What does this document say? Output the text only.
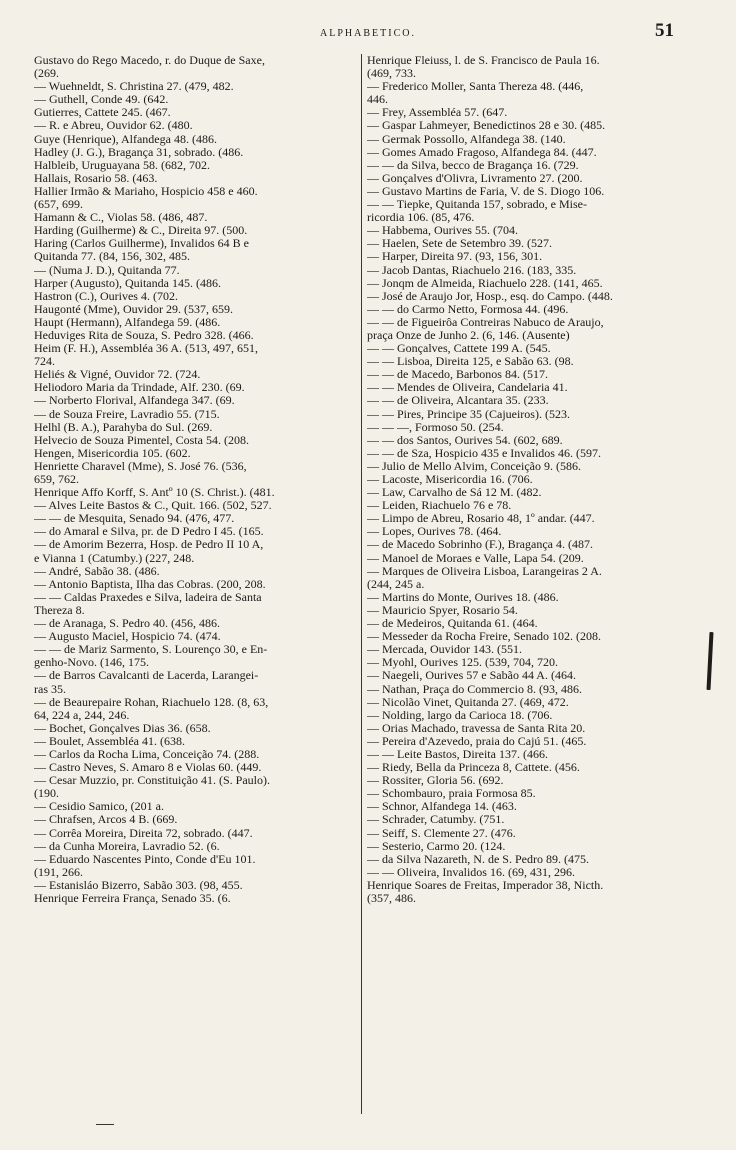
ALPHABETICO.	51
Gustavo do Rego Macedo, r. do Duque de Saxe,
(269.
— Wuehneldt, S. Christina 27. (479, 482.
— Guthell, Conde 49. (642.
Gutierres, Cattete 245. (467.
— R. e Abreu, Ouvidor 62. (480.
Guye (Henrique), Alfandega 48. (486.
Hadley (J. G.), Bragança 31, sobrado. (486.
Halbleib, Uruguayana 58. (682, 702.
Hallais, Rosario 58. (463.
Hallier Irmão & Mariaho, Hospicio 458 e 460.
(657, 699.
Hamann & C., Violas 58. (486, 487.
Harding (Guilherme) & C., Direita 97. (500.
Haring (Carlos Guilherme), Invalidos 64 B e
Quitanda 77. (84, 156, 302, 485.
— (Numa J. D.), Quitanda 77.
Harper (Augusto), Quitanda 145. (486.
Hastron (C.), Ourives 4. (702.
Haugonté (Mme), Ouvidor 29. (537, 659.
Haupt (Hermann), Alfandega 59. (486.
Heduviges Rita de Souza, S. Pedro 328. (466.
Heim (F. H.), Assembléa 36 A. (513, 497, 651,
724.
Heliés & Vigné, Ouvidor 72. (724.
Heliodoro Maria da Trindade, Alf. 230. (69.
— Norberto Florival, Alfandega 347. (69.
— de Souza Freire, Lavradio 55. (715.
Helhl (B. A.), Parahyba do Sul. (269.
Helvecio de Souza Pimentel, Costa 54. (208.
Hengen, Misericordia 105. (602.
Henriette Charavel (Mme), S. José 76. (536,
659, 762.
Henrique Affo Korff, S. Antº 10 (S. Christ.). (481.
— Alves Leite Bastos & C., Quit. 166. (502, 527.
— — de Mesquita, Senado 94. (476, 477.
— do Amaral e Silva, pr. de D Pedro I 45. (165.
— de Amorim Bezerra, Hosp. de Pedro II 10 A,
e Vianna 1 (Catumby.) (227, 248.
— André, Sabão 38. (486.
— Antonio Baptista, Ilha das Cobras. (200, 208.
— — Caldas Praxedes e Silva, ladeira de Santa
Thereza 8.
— de Aranaga, S. Pedro 40. (456, 486.
— Augusto Maciel, Hospicio 74. (474.
— — de Mariz Sarmento, S. Lourenço 30, e En-
genho-Novo. (146, 175.
— de Barros Cavalcanti de Lacerda, Larangei-
ras 35.
— de Beaurepaire Rohan, Riachuelo 128. (8, 63,
64, 224 a, 244, 246.
— Bochet, Gonçalves Dias 36. (658.
— Boulet, Assembléa 41. (638.
— Carlos da Rocha Lima, Conceição 74. (288.
— Castro Neves, S. Amaro 8 e Violas 60. (449.
— Cesar Muzzio, pr. Constituição 41. (S. Paulo).
(190.
— Cesidio Samico, (201 a.
— Chrafsen, Arcos 4 B. (669.
— Corrêa Moreira, Direita 72, sobrado. (447.
— da Cunha Moreira, Lavradio 52. (6.
— Eduardo Nascentes Pinto, Conde d'Eu 101.
(191, 266.
— Estanisláo Bizerro, Sabão 303. (98, 455.
Henrique Ferreira França, Senado 35. (6.
Henrique Fleiuss, l. de S. Francisco de Paula 16.
(469, 733.
— Frederico Moller, Santa Thereza 48. (446,
446.
— Frey, Assembléa 57. (647.
— Gaspar Lahmeyer, Benedictinos 28 e 30. (485.
— Germak Possollo, Alfandega 38. (140.
— Gomes Amado Fragoso, Alfandega 84. (447.
— — da Silva, becco de Bragança 16. (729.
— Gonçalves d'Olivra, Livramento 27. (200.
— Gustavo Martins de Faria, V. de S. Diogo 106.
— — Tiepke, Quitanda 157, sobrado, e Mise-
ricordia 106. (85, 476.
— Habbema, Ourives 55. (704.
— Haelen, Sete de Setembro 39. (527.
— Harper, Direita 97. (93, 156, 301.
— Jacob Dantas, Riachuelo 216. (183, 335.
— Jonqm de Almeida, Riachuelo 228. (141, 465.
— José de Araujo Jor, Hosp., esq. do Campo. (448.
— — do Carmo Netto, Formosa 44. (496.
— — de Figueirôa Contreiras Nabuco de Araujo,
praça Onze de Junho 2. (6, 146. (Ausente)
— — Gonçalves, Cattete 199 A. (545.
— — Lisboa, Direita 125, e Sabão 63. (98.
— — de Macedo, Barbonos 84. (517.
— — Mendes de Oliveira, Candelaria 41.
— — de Oliveira, Alcantara 35. (233.
— — Pires, Principe 35 (Cajueiros). (523.
— — —, Formoso 50. (254.
— — dos Santos, Ourives 54. (602, 689.
— — de Sza, Hospicio 435 e Invalidos 46. (597.
— Julio de Mello Alvim, Conceição 9. (586.
— Lacoste, Misericordia 16. (706.
— Law, Carvalho de Sá 12 M. (482.
— Leiden, Riachuelo 76 e 78.
— Limpo de Abreu, Rosario 48, 1º andar. (447.
— Lopes, Ourives 78. (464.
— de Macedo Sobrinho (F.), Bragança 4. (487.
— Manoel de Moraes e Valle, Lapa 54. (209.
— Marques de Oliveira Lisboa, Larangeiras 2 A.
(244, 245 a.
— Martins do Monte, Ourives 18. (486.
— Mauricio Spyer, Rosario 54.
— de Medeiros, Quitanda 61. (464.
— Messeder da Rocha Freire, Senado 102. (208.
— Mercada, Ouvidor 143. (551.
— Myohl, Ourives 125. (539, 704, 720.
— Naegeli, Ourives 57 e Sabão 44 A. (464.
— Nathan, Praça do Commercio 8. (93, 486.
— Nicolão Vinet, Quitanda 27. (469, 472.
— Nolding, largo da Carioca 18. (706.
— Orias Machado, travessa de Santa Rita 20.
— Pereira d'Azevedo, praia do Cajú 51. (465.
— — Leite Bastos, Direita 137. (466.
— Riedy, Bella da Princeza 8, Cattete. (456.
— Rossiter, Gloria 56. (692.
— Schombauro, praia Formosa 85.
— Schnor, Alfandega 14. (463.
— Schrader, Catumby. (751.
— Seiff, S. Clemente 27. (476.
— Sesterio, Carmo 20. (124.
— da Silva Nazareth, N. de S. Pedro 89. (475.
— — Oliveira, Invalidos 16. (69, 431, 296.
Henrique Soares de Freitas, Imperador 38, Nicth.
(357, 486.
